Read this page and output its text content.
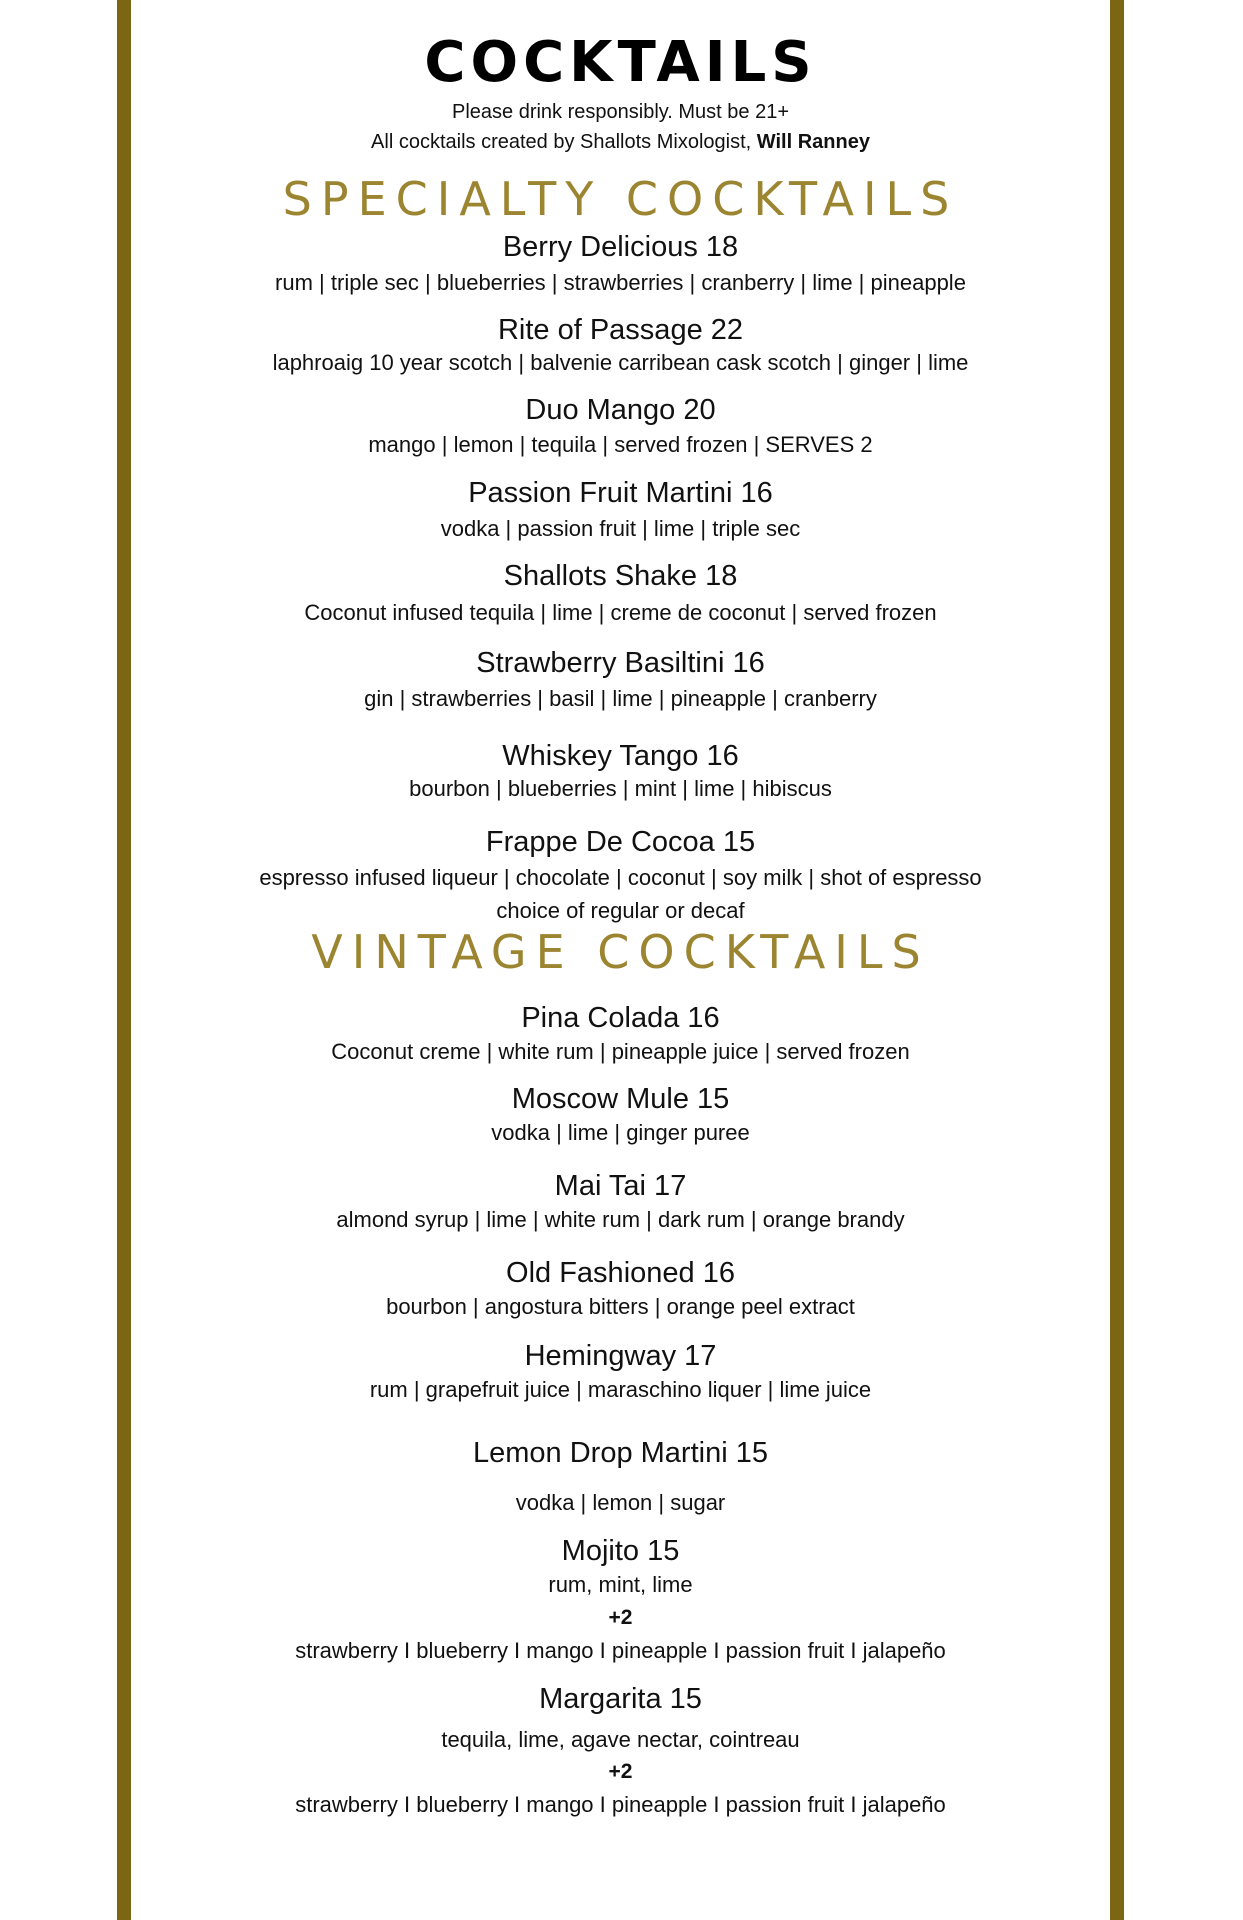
COCKTAILS
Please drink responsibly. Must be 21+
All cocktails created by Shallots Mixologist, Will Ranney
SPECIALTY COCKTAILS
Berry Delicious 18
rum | triple sec | blueberries | strawberries | cranberry | lime | pineapple
Rite of Passage 22
laphroaig 10 year scotch | balvenie carribean cask scotch | ginger | lime
Duo Mango 20
mango | lemon | tequila | served frozen | SERVES 2
Passion Fruit Martini 16
vodka | passion fruit | lime | triple sec
Shallots Shake 18
Coconut infused tequila | lime | creme de coconut | served frozen
Strawberry Basiltini 16
gin | strawberries | basil | lime | pineapple | cranberry
Whiskey Tango 16
bourbon | blueberries | mint | lime | hibiscus
Frappe De Cocoa 15
espresso infused liqueur | chocolate | coconut | soy milk | shot of espresso
choice of regular or decaf
VINTAGE COCKTAILS
Pina Colada 16
Coconut creme | white rum | pineapple juice | served frozen
Moscow Mule 15
vodka | lime | ginger puree
Mai Tai 17
almond syrup | lime | white rum | dark rum | orange brandy
Old Fashioned 16
bourbon | angostura bitters | orange peel extract
Hemingway 17
rum | grapefruit juice | maraschino liquer | lime juice
Lemon Drop Martini 15
vodka | lemon | sugar
Mojito 15
rum, mint, lime
+2
strawberry I blueberry I mango I pineapple I passion fruit I jalapeño
Margarita 15
tequila, lime, agave nectar, cointreau
+2
strawberry I blueberry I mango I pineapple I passion fruit I jalapeño
